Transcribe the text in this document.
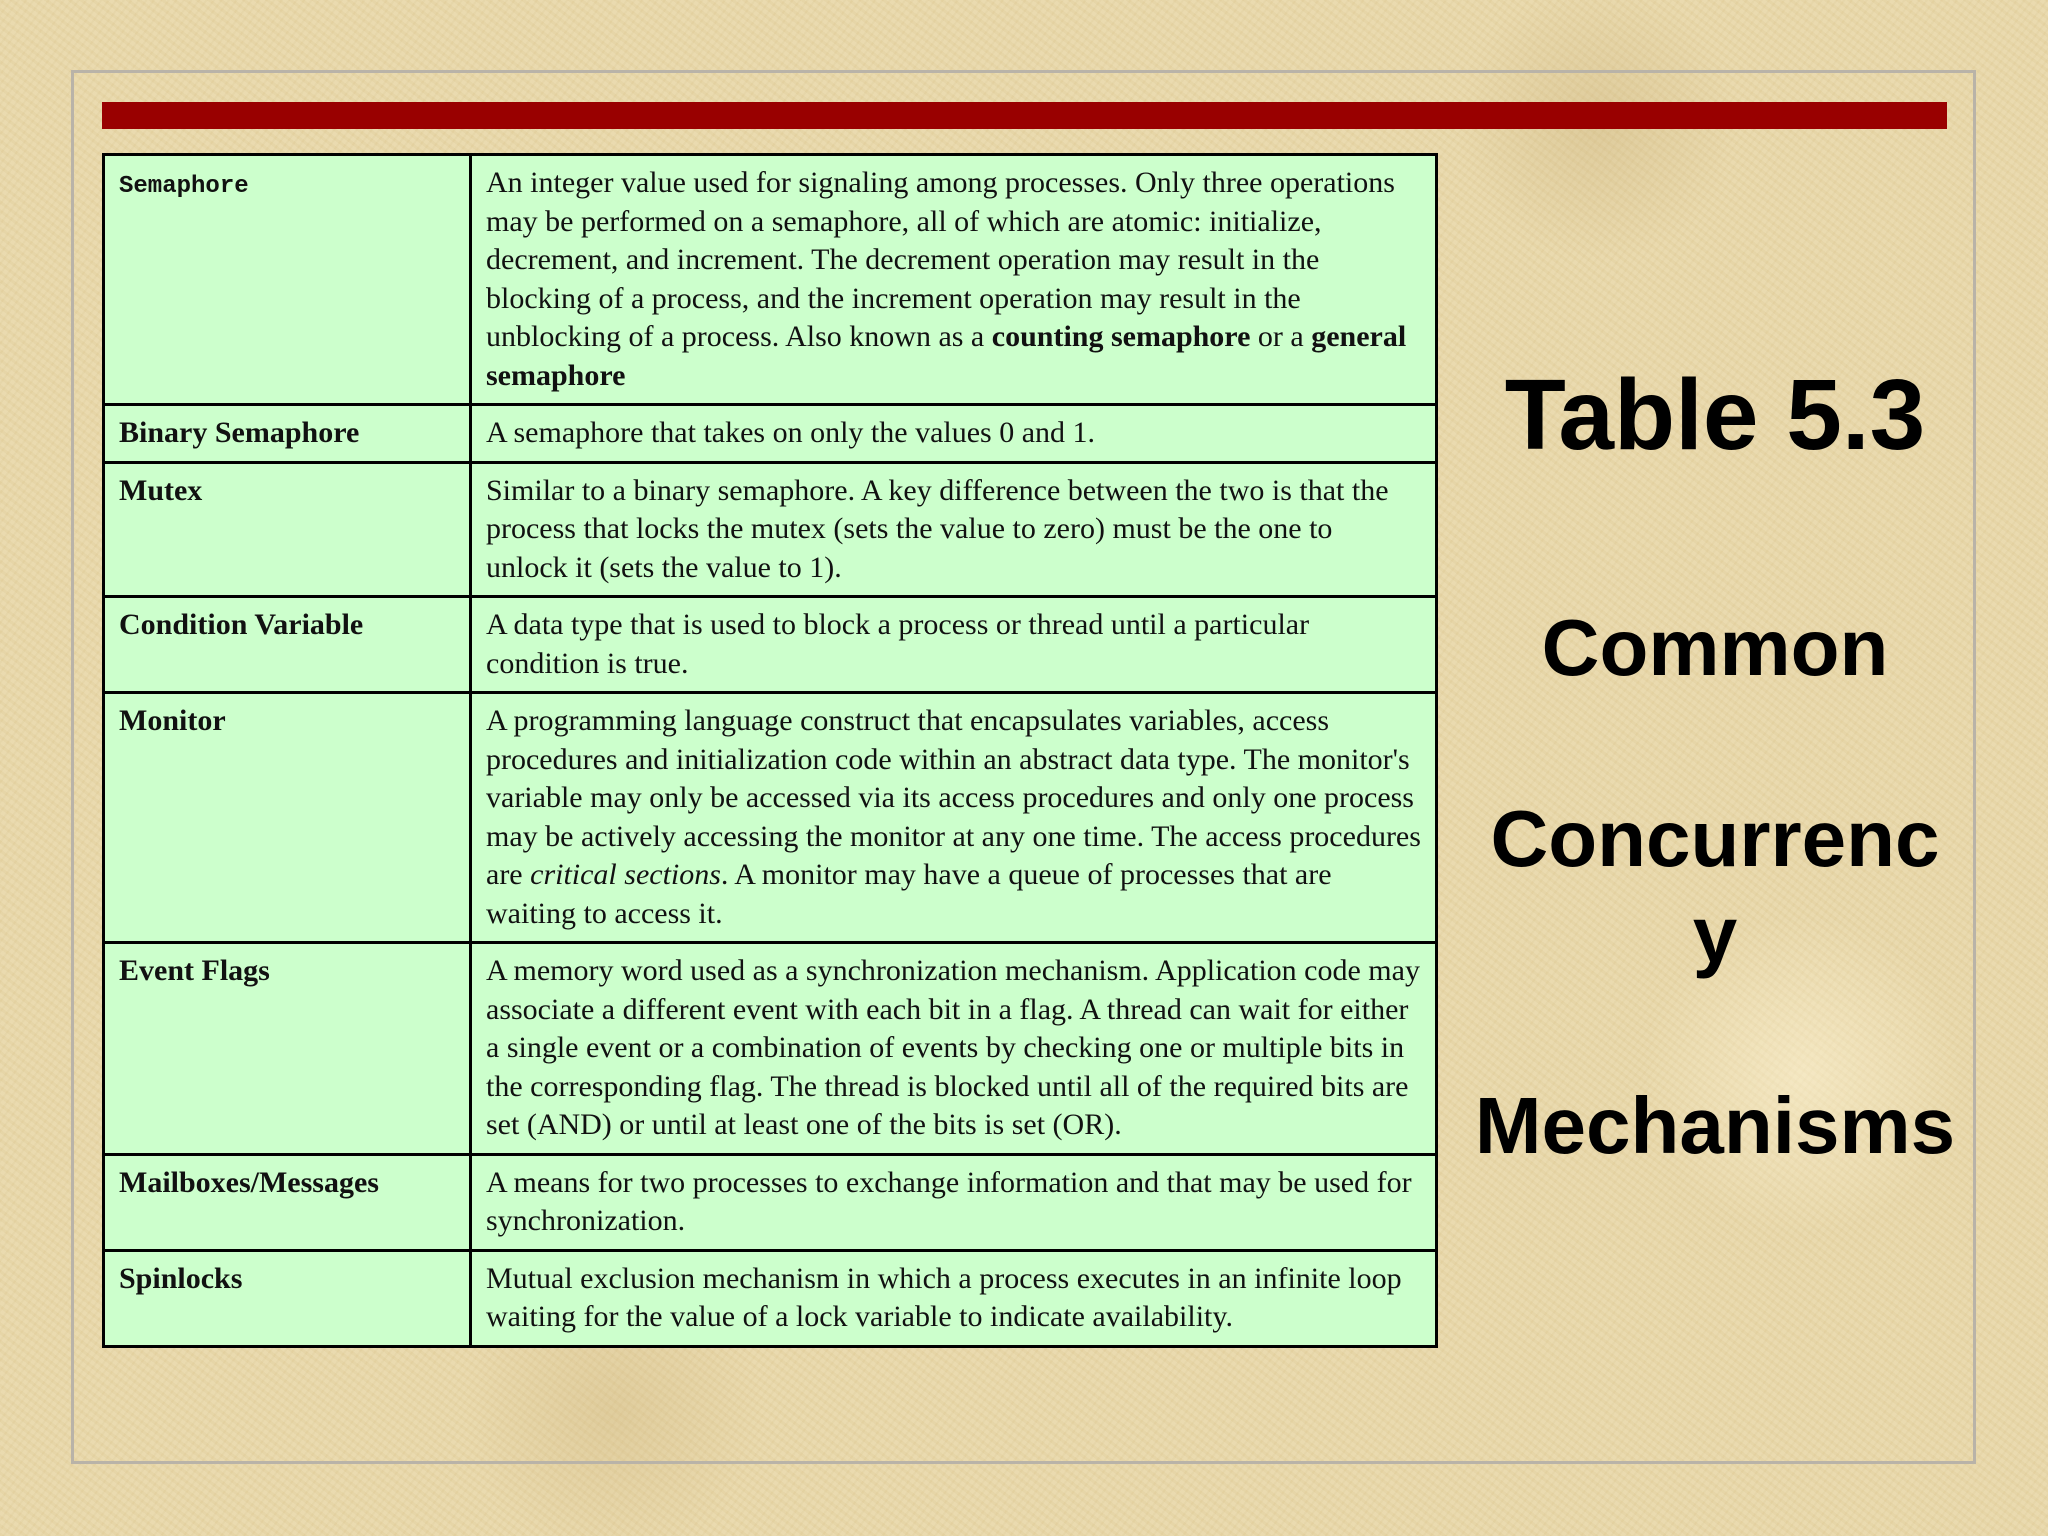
Semaphore	An integer value used for signaling among processes. Only three operations may be performed on a semaphore, all of which are atomic: initialize, decrement, and increment. The decrement operation may result in the blocking of a process, and the increment operation may result in the unblocking of a process. Also known as a counting semaphore or a general semaphore
Binary Semaphore	A semaphore that takes on only the values 0 and 1.
Mutex	Similar to a binary semaphore. A key difference between the two is that the process that locks the mutex (sets the value to zero) must be the one to unlock it (sets the value to 1).
Condition Variable	A data type that is used to block a process or thread until a particular condition is true.
Monitor	A programming language construct that encapsulates variables, access procedures and initialization code within an abstract data type. The monitor's variable may only be accessed via its access procedures and only one process may be actively accessing the monitor at any one time. The access procedures are critical sections. A monitor may have a queue of processes that are waiting to access it.
Event Flags	A memory word used as a synchronization mechanism. Application code may associate a different event with each bit in a flag. A thread can wait for either a single event or a combination of events by checking one or multiple bits in the corresponding flag. The thread is blocked until all of the required bits are set (AND) or until at least one of the bits is set (OR).
Mailboxes/Messages	A means for two processes to exchange information and that may be used for synchronization.
Spinlocks	Mutual exclusion mechanism in which a process executes in an infinite loop waiting for the value of a lock variable to indicate availability.
Table 5.3
Common
Concurrenc
y
Mechanisms
